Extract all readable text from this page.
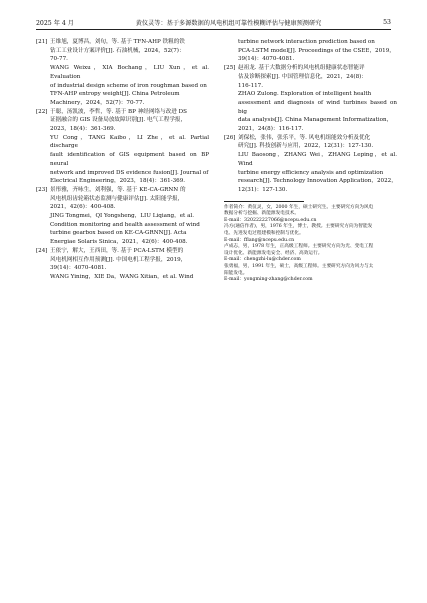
2025 年 4 月	黄仪灵等：基于多源数据的风电机组可靠性模糊评估与健康预测研究	53
[21] 王维旭，夏博昌，刘旬，等. 基于 TFN-AHP 铁粗的铁

钻工工业设计方案评价[J]. 石油机械，2024，52(7)：

70-77.

WANG Weixu，XIA Bochang，LIU Xun，et al. Evaluation

of industrial design scheme of iron roughman based on

TFN-AHP entropy weight[J]. China Petroleum

Machinery，2024，52(7)：70-77.

[22] 于聪，汤凯波，李哲，等. 基于 BP 神经网络与改进 DS

证据融合的 GIS 设备局放故障识别[J]. 电气工程学报，

2023，18(4)：361-369.

YU Cong，TANG Kaibo，LI Zhe，et al. Partial discharge

fault identification of GIS equipment based on BP neural

network and improved DS evidence fusion[J]. Journal of

Electrical Engineering，2023，18(4)：361-369.

[23] 景彤雅，齐咏生，刘利强，等. 基于 KE-CA-GRNN 的

风电机组齿轮箱状态监测与健康评估[J]. 太阳能学报，

2021，42(6)：400-408.

JING Tongmei，QI Yongsheng，LIU Liqiang，et al.

Condition monitoring and health assessment of wind

turbine gearbox based on KE-CA-GRNN[J]. Acta

Energiae Solaris Sinica，2021，42(6)：400-408.

[24] 王依宁，解大，王西田，等. 基于 PCA-LSTM 模型的

风电机网相互作用预测[J]. 中国电机工程学报，2019，

39(14)：4070-4081.

WANG Yining，XIE Da，WANG Xitian，et al. Wind

turbine network interaction prediction based on

PCA-LSTM model[J]. Proceedings of the CSEE，2019，

39(14)：4070-4081.

[25] 赵祖龙. 基于大数据分析的风电机组健康状态智能评

估及诊断探索[J]. 中国管理信息化，2021，24(8)：

116-117.

ZHAO Zulong. Exploration of intelligent health

assessment and diagnosis of wind turbines based on big

data analysis[J]. China Management Informatization，

2021，24(8)：116-117.

[26] 刘保松，张伟，张乐平，等. 风电机组能效分析及优化

研究[J]. 科技创新与应用，2022，12(31)：127-130.

LIU Baosong，ZHANG Wei，ZHANG Leping，et al. Wind

turbine energy efficiency analysis and optimization

research[J]. Technology Innovation Application，2022，

12(31)：127-130.

作者简介：黄仪灵，女，2000 年生，硕士研究生。主要研究方向为风电

数据分析与挖掘、新能源发电技术。

E-mail：320222227066@ncepu.edu.cn

冯方(通信作者)，男，1976 年生，博士，教授。主要研究方向为智能发

电、先进发电过程建模和控制与优化。

E-mail：fflang@ncepu.edu.cn

卢成志，男，1978 年生，正高级工程师。主要研究方向为光、变电工程

设计优化、新能源发电安全、经济、高效运行。

E-mail：chengzhi-lu@chder.com

张勇福，男，1991 年生，硕士，高级工程师。主要研究方向为风力与太

阳能发电。

E-mail：yongming-zhang@chder.com
